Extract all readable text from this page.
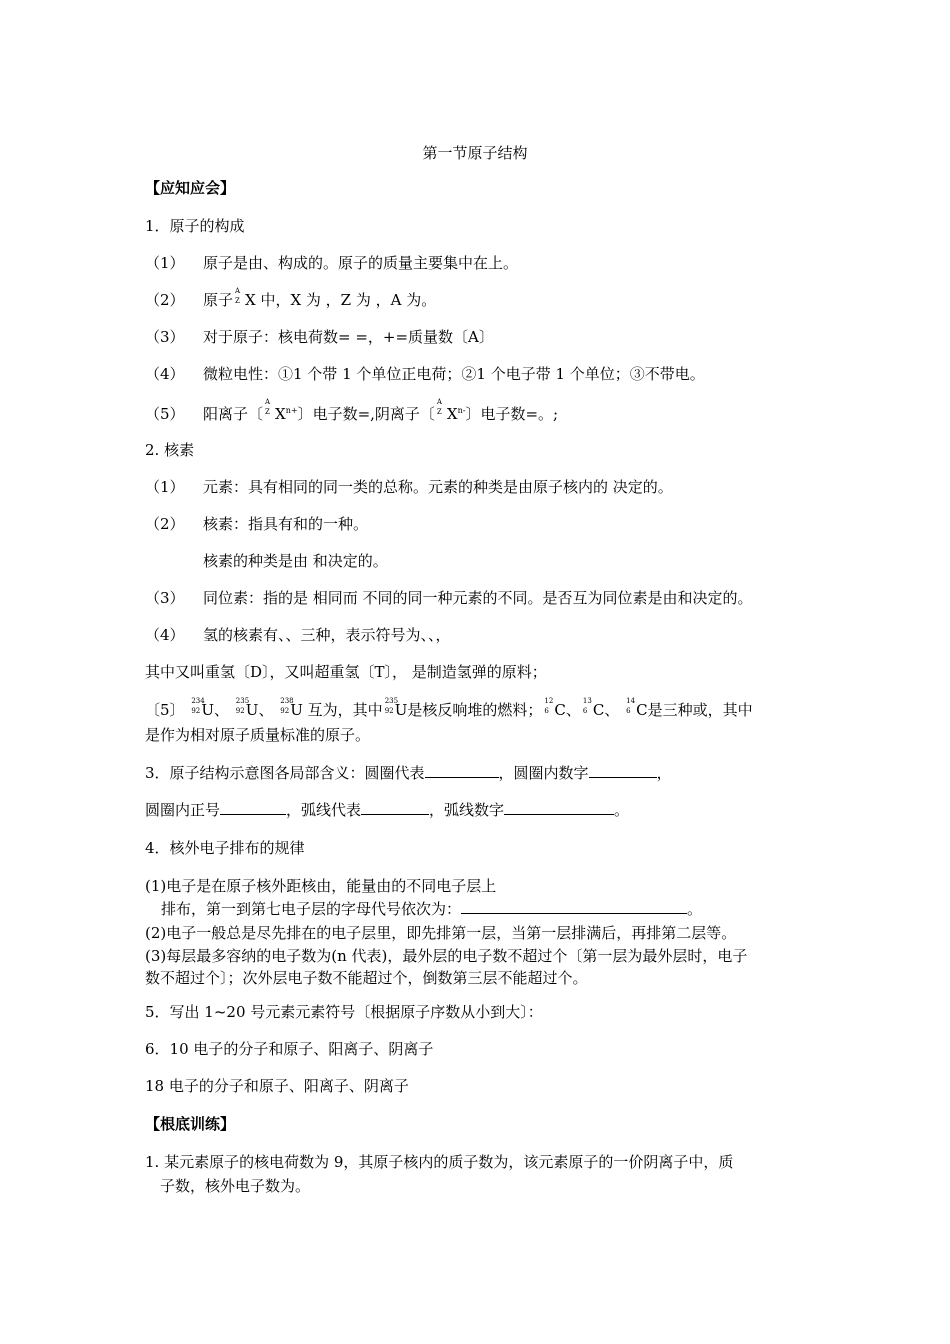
第一节原子结构
【应知应会】
1．原子的构成
（1） 原子是由、构成的。原子的质量主要集中在上。
（2） 原子 A
Z X 中，X 为 ，Z 为 ，A 为。
（3） 对于原子：核电荷数= =，+=质量数〔A〕
（4） 微粒电性：①1 个带 1 个单位正电荷；②1 个电子带 1 个单位；③不带电。
（5） 阳离子〔
A
Z $X^{n+}$〕电子数=,阴离子〔
A
Z $X^{n-}$〕电子数=。;
2. 核素
（1） 元素：具有相同的同一类的总称。元素的种类是由原子核内的 决定的。
（2） 核素：指具有和的一种。
核素的种类是由 和决定的。
（3） 同位素：指的是 相同而 不同的同一种元素的不同。是否互为同位素是由和决定的。
（4） 氢的核素有、、三种，表示符号为、、，
其中又叫重氢〔D〕，又叫超重氢〔T〕， 是制造氢弹的原料；
〔5〕 234
92 U、 235
92 U、 238
92 U 互为，其中 235
92 U是核反响堆的燃料； 12
6 C、 13
6 C、 14
6 C是三种或，其中
是作为相对原子质量标准的原子。
3．原子结构示意图各局部含义：圆圈代表	，圆圈内数字	，
圆圈内正号	，弧线代表	，弧线数字	。
4．核外电子排布的规律
(1)电子是在原子核外距核由，能量由的不同电子层上
排布，第一到第七电子层的字母代号依次为：	。
(2)电子一般总是尽先排在的电子层里，即先排第一层，当第一层排满后，再排第二层等。
(3)每层最多容纳的电子数为(n 代表)，最外层的电子数不超过个〔第一层为最外层时，电子
数不超过个〕；次外层电子数不能超过个，倒数第三层不能超过个。
5．写出 1~20 号元素元素符号〔根据原子序数从小到大〕：
6．10 电子的分子和原子、阳离子、阴离子
18 电子的分子和原子、阳离子、阴离子
【根底训练】
1. 某元素原子的核电荷数为 9，其原子核内的质子数为，该元素原子的一价阴离子中，质
子数，核外电子数为。
